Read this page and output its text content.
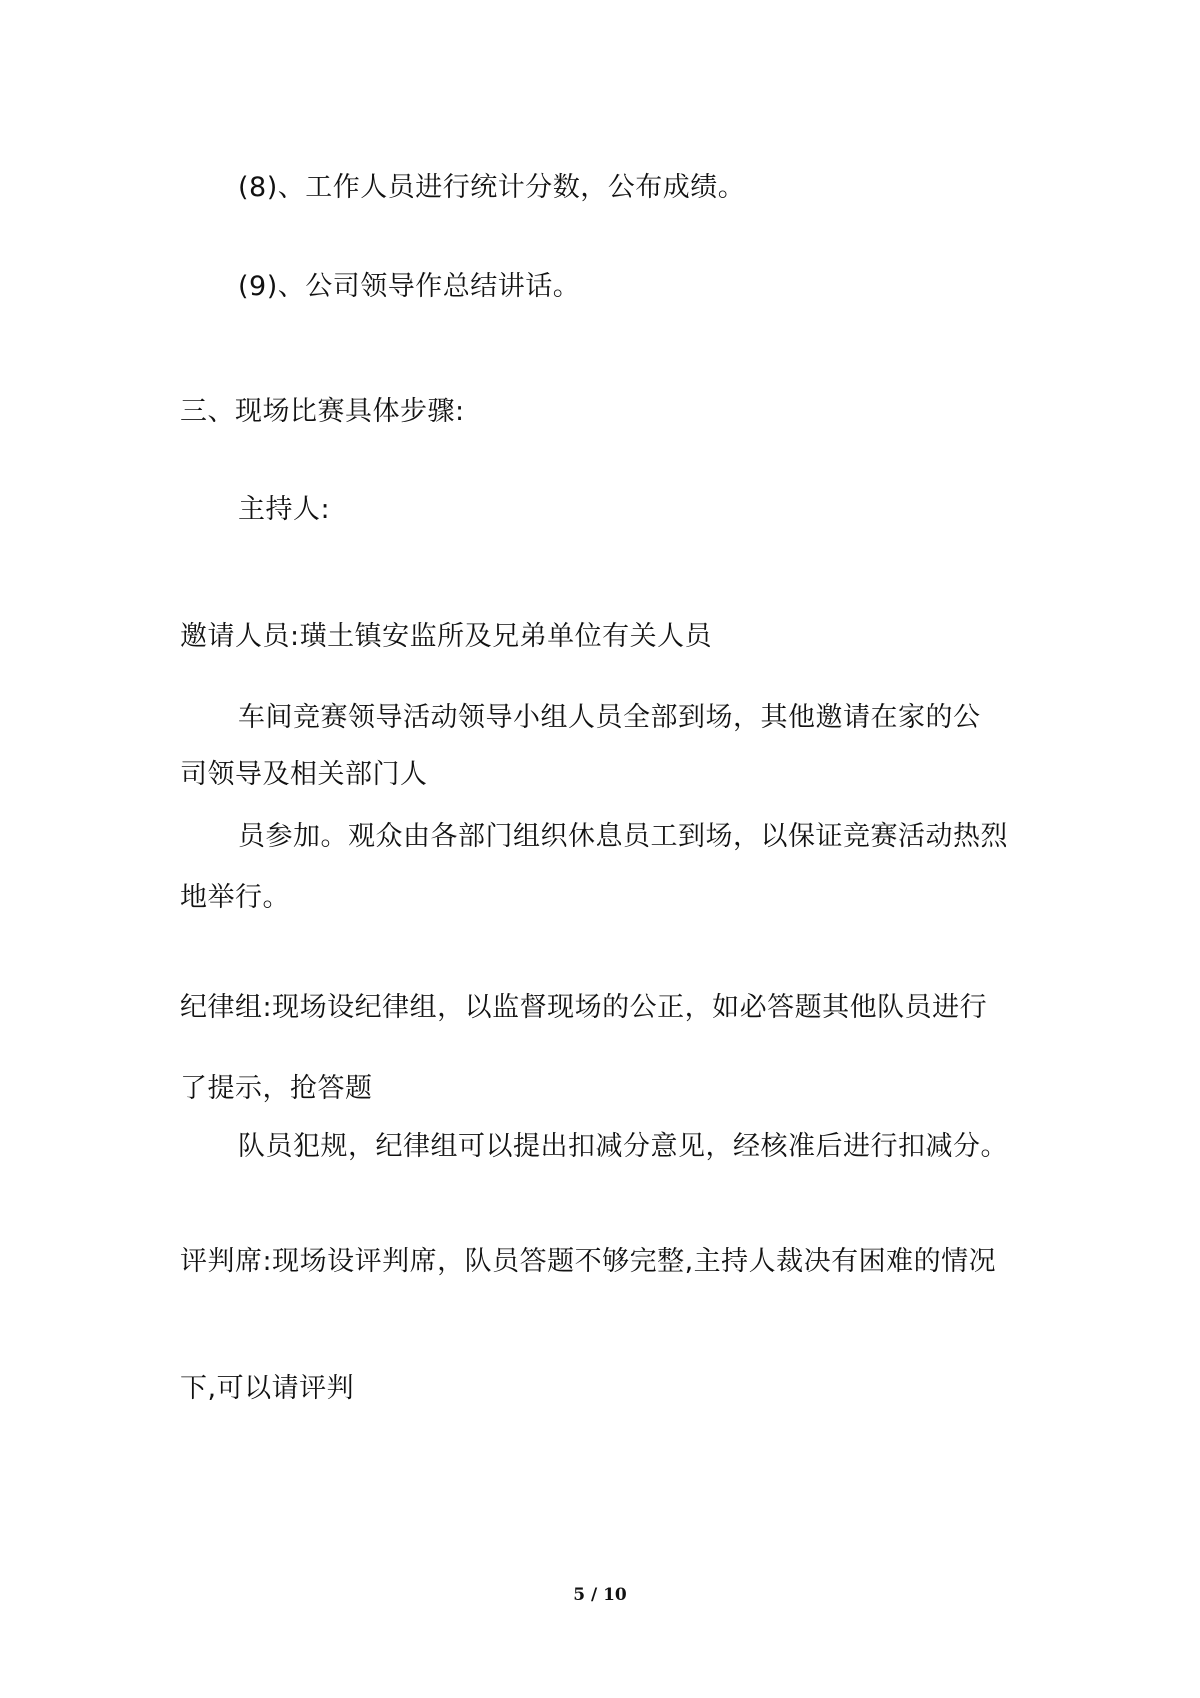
(8)、工作人员进行统计分数，公布成绩。
(9)、公司领导作总结讲话。
三、现场比赛具体步骤:
主持人:
邀请人员:璜土镇安监所及兄弟单位有关人员
车间竞赛领导活动领导小组人员全部到场，其他邀请在家的公
司领导及相关部门人
员参加。观众由各部门组织休息员工到场，以保证竞赛活动热烈
地举行。
纪律组:现场设纪律组，以监督现场的公正，如必答题其他队员进行
了提示，抢答题
队员犯规，纪律组可以提出扣减分意见，经核准后进行扣减分。
评判席:现场设评判席，队员答题不够完整,主持人裁决有困难的情况
下,可以请评判
5 / 10
